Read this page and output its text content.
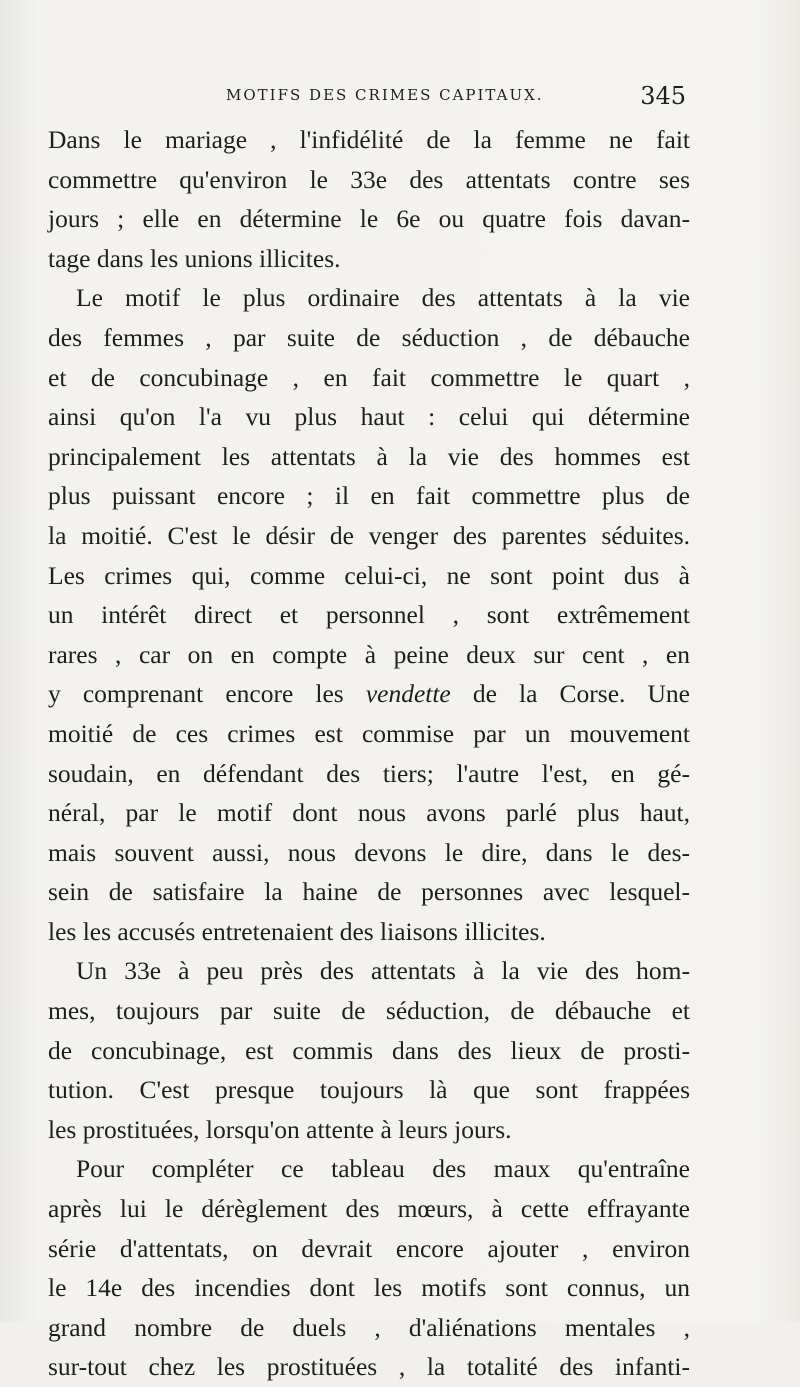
MOTIFS DES CRIMES CAPITAUX.	345
Dans le mariage , l'infidélité de la femme ne fait
commettre qu'environ le 33e des attentats contre ses
jours ; elle en détermine le 6e ou quatre fois davan-
tage dans les unions illicites.
Le motif le plus ordinaire des attentats à la vie
des femmes , par suite de séduction , de débauche
et de concubinage , en fait commettre le quart ,
ainsi qu'on l'a vu plus haut : celui qui détermine
principalement les attentats à la vie des hommes est
plus puissant encore ; il en fait commettre plus de
la moitié. C'est le désir de venger des parentes séduites.
Les crimes qui, comme celui-ci, ne sont point dus à
un intérêt direct et personnel , sont extrêmement
rares , car on en compte à peine deux sur cent , en
y comprenant encore les vendette de la Corse. Une
moitié de ces crimes est commise par un mouvement
soudain, en défendant des tiers; l'autre l'est, en gé-
néral, par le motif dont nous avons parlé plus haut,
mais souvent aussi, nous devons le dire, dans le des-
sein de satisfaire la haine de personnes avec lesquel-
les les accusés entretenaient des liaisons illicites.
Un 33e à peu près des attentats à la vie des hom-
mes, toujours par suite de séduction, de débauche et
de concubinage, est commis dans des lieux de prosti-
tution. C'est presque toujours là que sont frappées
les prostituées, lorsqu'on attente à leurs jours.
Pour compléter ce tableau des maux qu'entraîne
après lui le dérèglement des mœurs, à cette effrayante
série d'attentats, on devrait encore ajouter , environ
le 14e des incendies dont les motifs sont connus, un
grand nombre de duels , d'aliénations mentales ,
sur-tout chez les prostituées , la totalité des infanti-
